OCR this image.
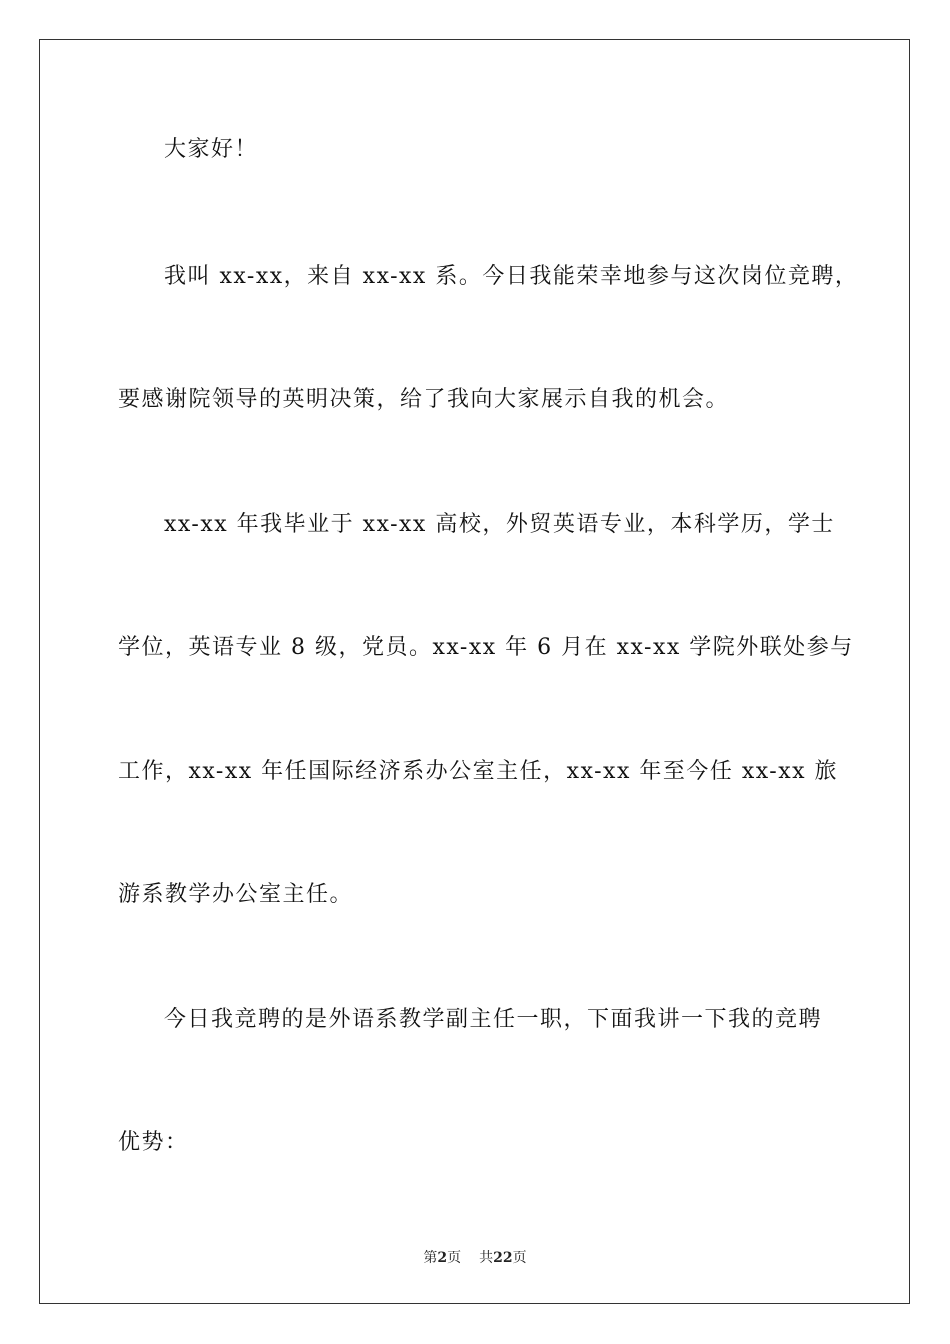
大家好！
我叫 xx-xx，来自 xx-xx 系。今日我能荣幸地参与这次岗位竞聘，
要感谢院领导的英明决策，给了我向大家展示自我的机会。
xx-xx 年我毕业于 xx-xx 高校，外贸英语专业，本科学历，学士
学位，英语专业 8 级，党员。xx-xx 年 6 月在 xx-xx 学院外联处参与
工作，xx-xx 年任国际经济系办公室主任，xx-xx 年至今任 xx-xx 旅
游系教学办公室主任。
今日我竞聘的是外语系教学副主任一职，下面我讲一下我的竞聘
优势：
第2页 共22页
